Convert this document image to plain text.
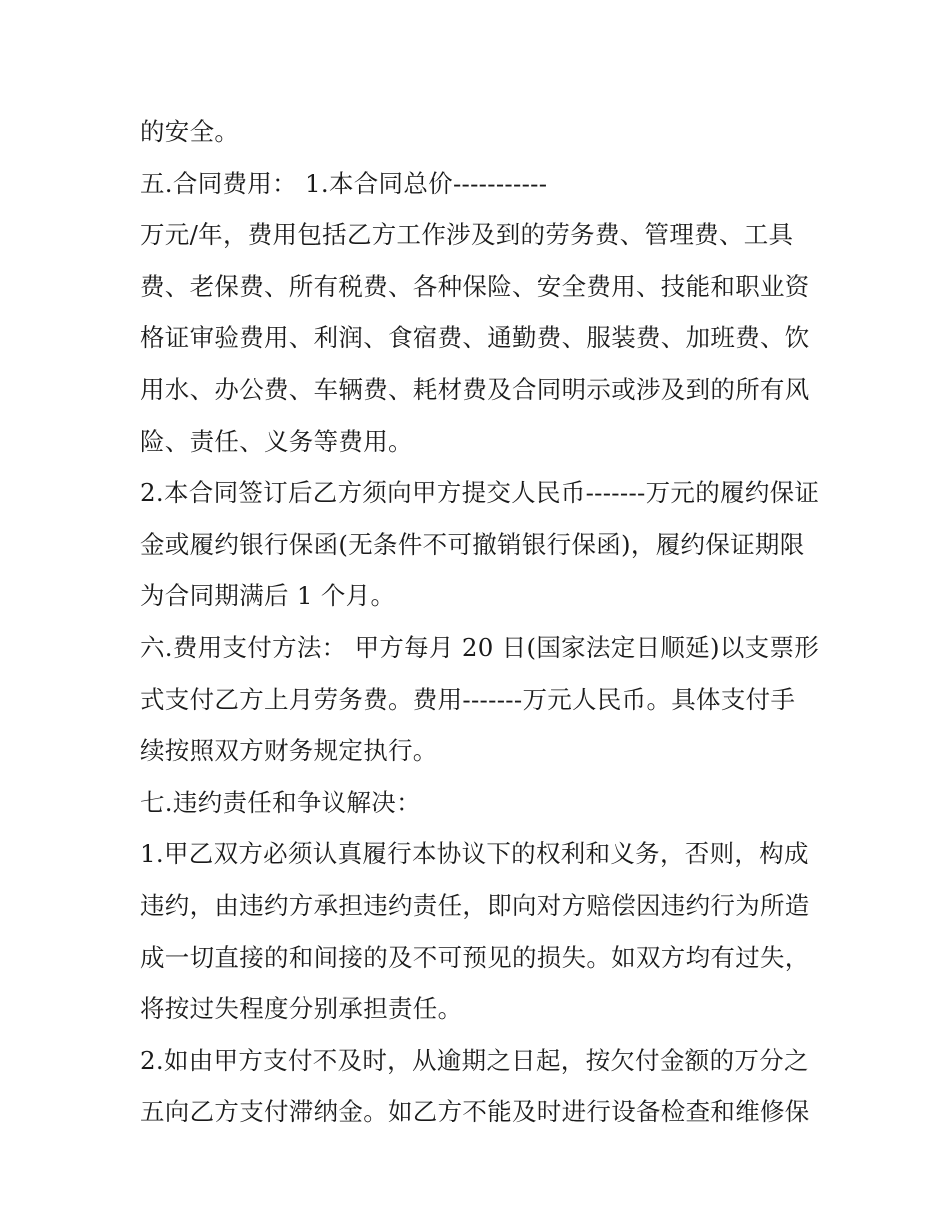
的安全。
五.合同费用： 1.本合同总价-----------
万元/年，费用包括乙方工作涉及到的劳务费、管理费、工具
费、老保费、所有税费、各种保险、安全费用、技能和职业资
格证审验费用、利润、食宿费、通勤费、服装费、加班费、饮
用水、办公费、车辆费、耗材费及合同明示或涉及到的所有风
险、责任、义务等费用。
2.本合同签订后乙方须向甲方提交人民币-------万元的履约保证
金或履约银行保函(无条件不可撤销银行保函)，履约保证期限
为合同期满后 1 个月。
六.费用支付方法： 甲方每月 20 日(国家法定日顺延)以支票形
式支付乙方上月劳务费。费用-------万元人民币。具体支付手
续按照双方财务规定执行。
七.违约责任和争议解决：
1.甲乙双方必须认真履行本协议下的权利和义务，否则，构成
违约，由违约方承担违约责任，即向对方赔偿因违约行为所造
成一切直接的和间接的及不可预见的损失。如双方均有过失，
将按过失程度分别承担责任。
2.如由甲方支付不及时，从逾期之日起，按欠付金额的万分之
五向乙方支付滞纳金。如乙方不能及时进行设备检查和维修保
